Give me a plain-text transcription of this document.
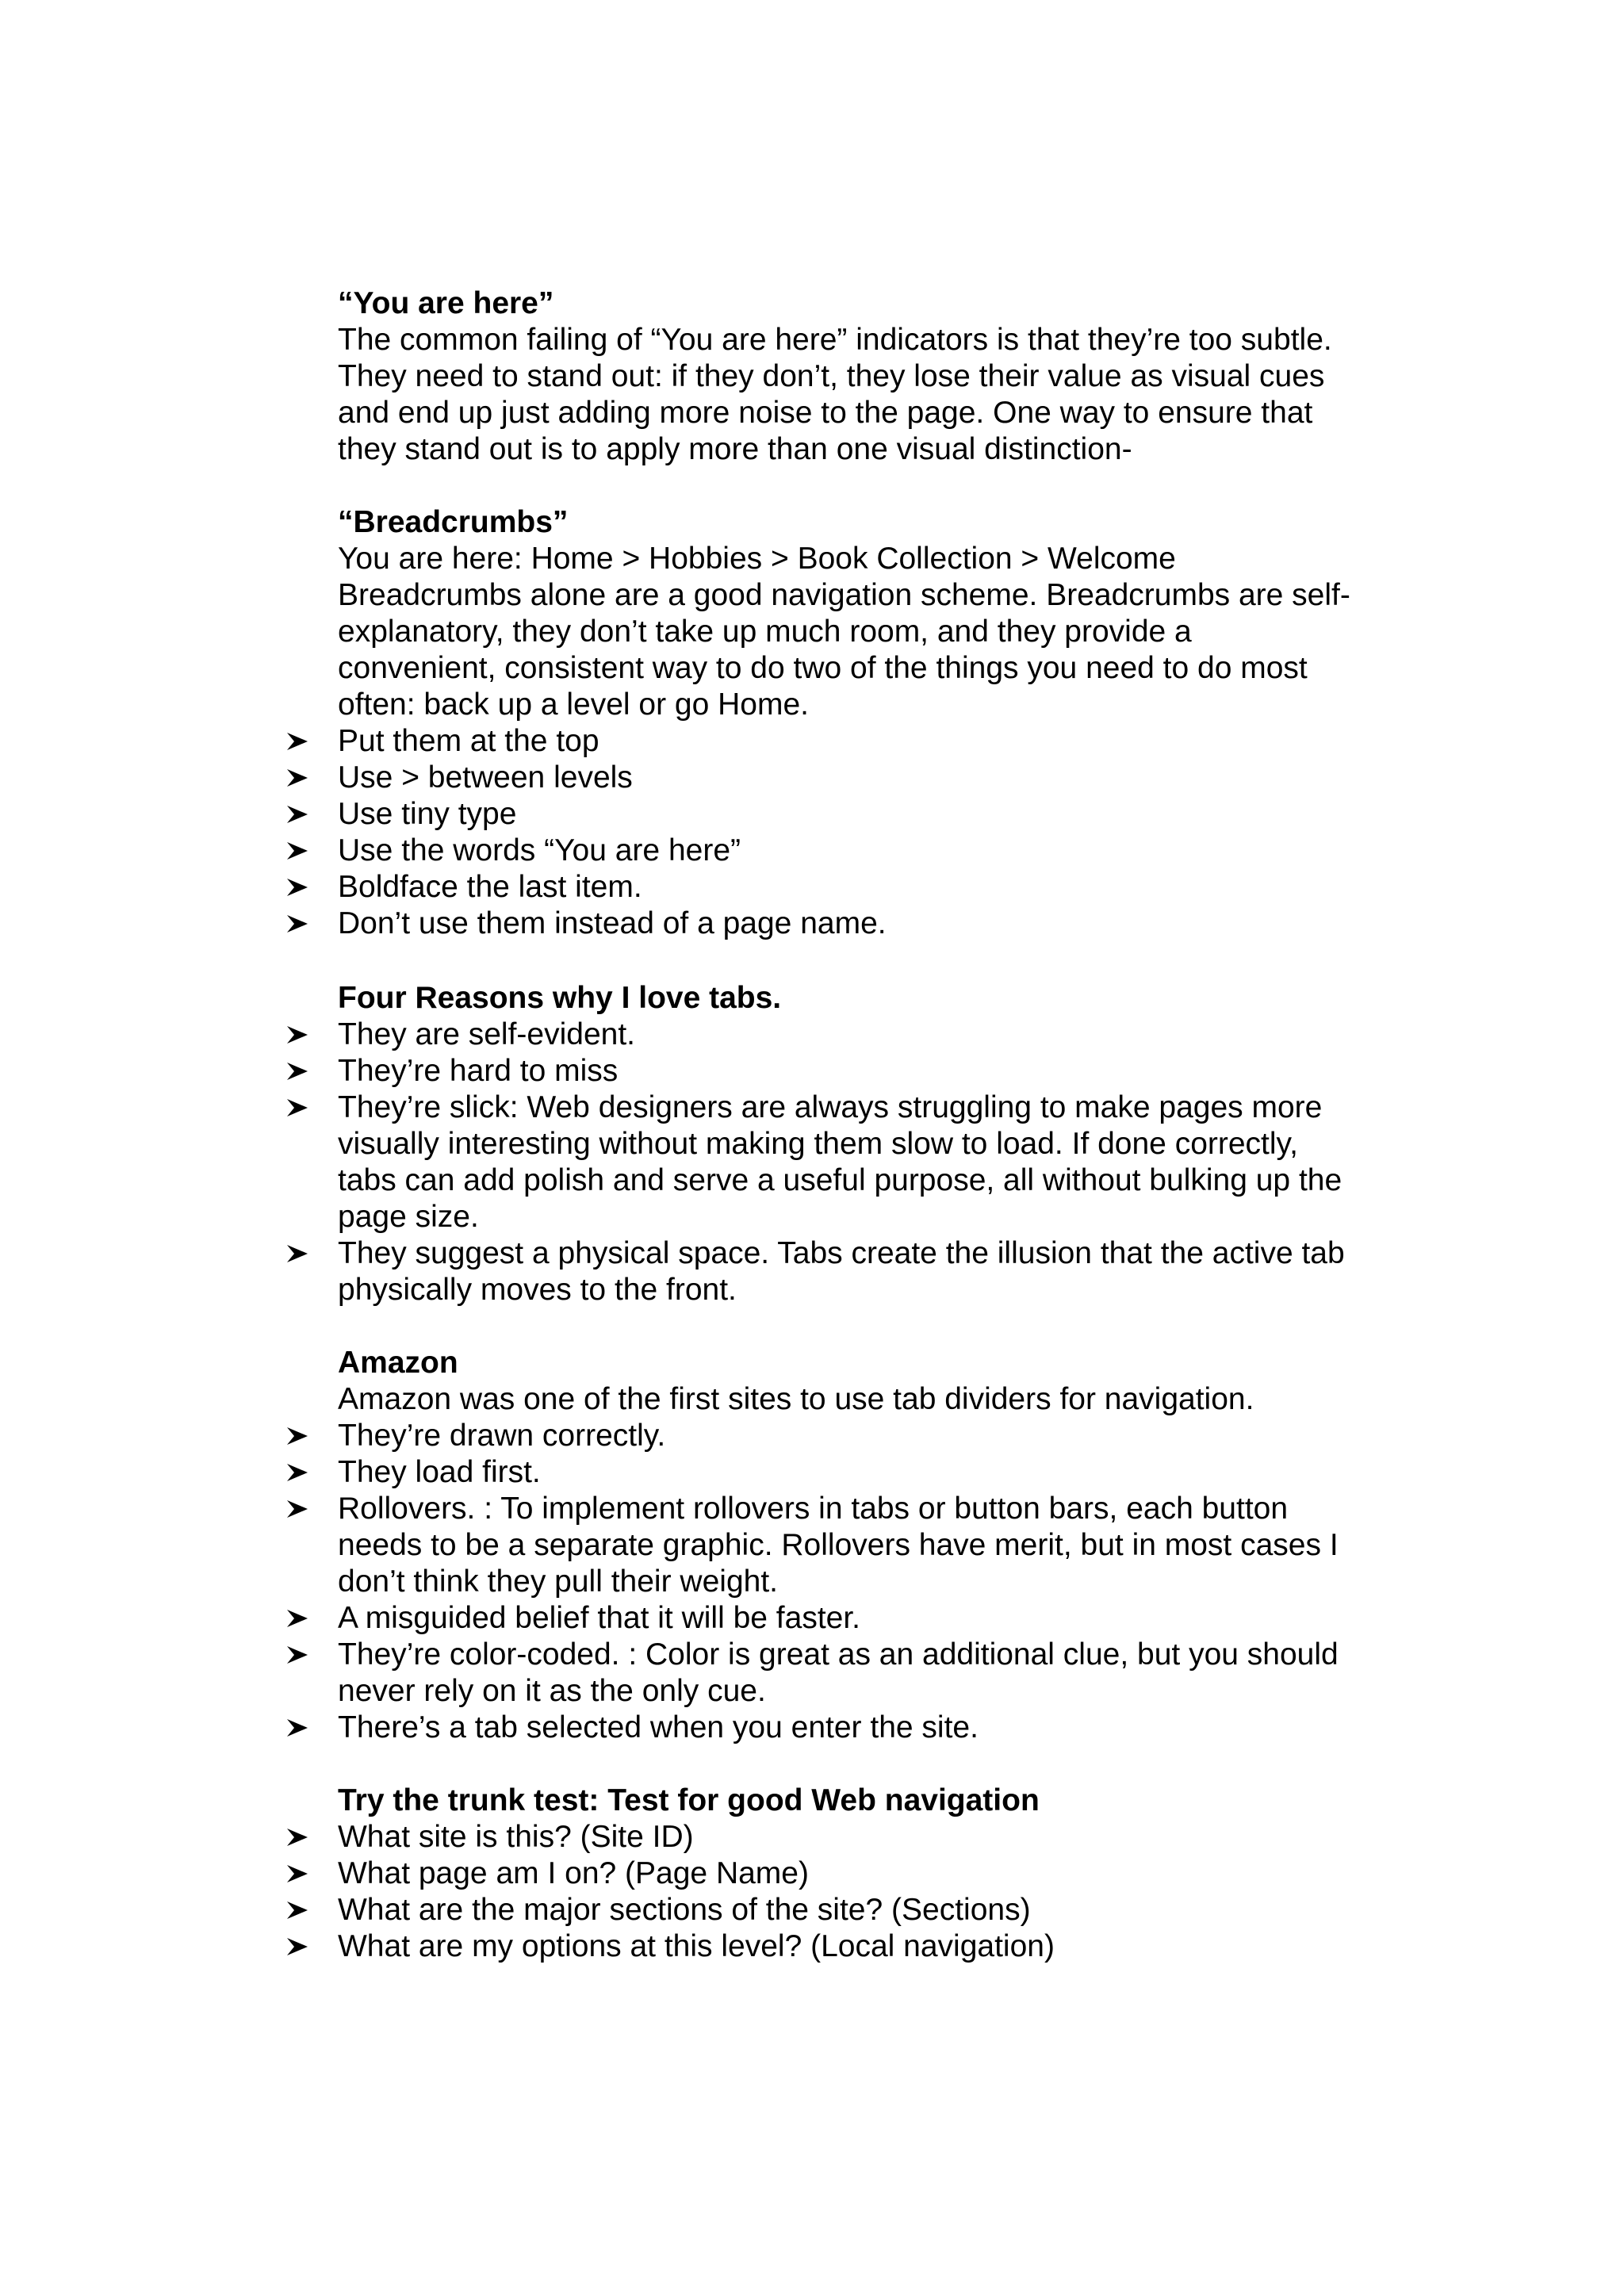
“You are here”

The common failing of “You are here” indicators is that they’re too subtle.
They need to stand out: if they don’t, they lose their value as visual cues
and end up just adding more noise to the page. One way to ensure that
they stand out is to apply more than one visual distinction-

“Breadcrumbs”

You are here: Home > Hobbies > Book Collection > Welcome
Breadcrumbs alone are a good navigation scheme. Breadcrumbs are self-
explanatory, they don’t take up much room, and they provide a
convenient, consistent way to do two of the things you need to do most
often: back up a level or go Home.

Put them at the top
Use > between levels
Use tiny type
Use the words “You are here”
Boldface the last item.
Don’t use them instead of a page name.

Four Reasons why I love tabs.

They are self-evident.
They’re hard to miss
They’re slick: Web designers are always struggling to make pages more
visually interesting without making them slow to load. If done correctly,
tabs can add polish and serve a useful purpose, all without bulking up the
page size.
They suggest a physical space. Tabs create the illusion that the active tab
physically moves to the front.

Amazon

Amazon was one of the first sites to use tab dividers for navigation.

They’re drawn correctly.
They load first.
Rollovers. : To implement rollovers in tabs or button bars, each button
needs to be a separate graphic. Rollovers have merit, but in most cases I
don’t think they pull their weight.
A misguided belief that it will be faster.
They’re color-coded. : Color is great as an additional clue, but you should
never rely on it as the only cue.
There’s a tab selected when you enter the site.

Try the trunk test: Test for good Web navigation

What site is this? (Site ID)
What page am I on? (Page Name)
What are the major sections of the site? (Sections)
What are my options at this level? (Local navigation)
